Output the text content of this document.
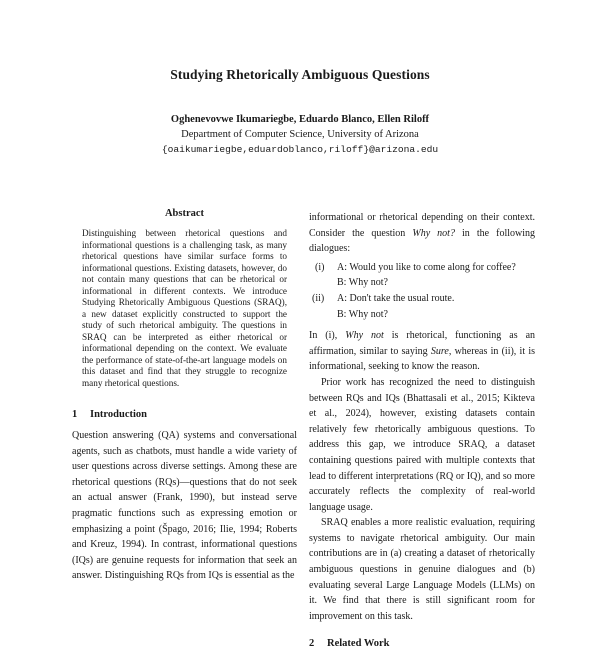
Studying Rhetorically Ambiguous Questions
Oghenevovwe Ikumariegbe, Eduardo Blanco, Ellen Riloff
Department of Computer Science, University of Arizona
{oaikumariegbe,eduardoblanco,riloff}@arizona.edu
Abstract
Distinguishing between rhetorical questions and informational questions is a challenging task, as many rhetorical questions have similar surface forms to informational questions. Existing datasets, however, do not contain many questions that can be rhetorical or informational in different contexts. We introduce Studying Rhetorically Ambiguous Questions (SRAQ), a new dataset explicitly constructed to support the study of such rhetorical ambiguity. The questions in SRAQ can be interpreted as either rhetorical or informational depending on the context. We evaluate the performance of state-of-the-art language models on this dataset and find that they struggle to recognize many rhetorical questions.
1 Introduction

Question answering (QA) systems and conversational agents, such as chatbots, must handle a wide variety of user questions across diverse settings. Among these are rhetorical questions (RQs)—questions that do not seek an actual answer (Frank, 1990), but instead serve pragmatic functions such as expressing emotion or emphasizing a point (Špago, 2016; Ilie, 1994; Roberts and Kreuz, 1994). In contrast, informational questions (IQs) are genuine requests for information that seek an answer. Distinguishing RQs from IQs is essential as the

informational or rhetorical depending on their context. Consider the question Why not? in the following dialogues:

(i) A: Would you like to come along for coffee?
B: Why not?
(ii) A: Don't take the usual route.
B: Why not?

In (i), Why not is rhetorical, functioning as an affirmation, similar to saying Sure, whereas in (ii), it is informational, seeking to know the reason.

Prior work has recognized the need to distinguish between RQs and IQs (Bhattasali et al., 2015; Kikteva et al., 2024), however, existing datasets contain relatively few rhetorically ambiguous questions. To address this gap, we introduce SRAQ, a dataset containing questions paired with multiple contexts that lead to different interpretations (RQ or IQ), and so more accurately reflects the complexity of real-world language usage.

SRAQ enables a more realistic evaluation, requiring systems to navigate rhetorical ambiguity. Our main contributions are in (a) creating a dataset of rhetorically ambiguous questions in genuine dialogues and (b) evaluating several Large Language Models (LLMs) on it. We find that there is still significant room for improvement on this task.

2 Related Work
